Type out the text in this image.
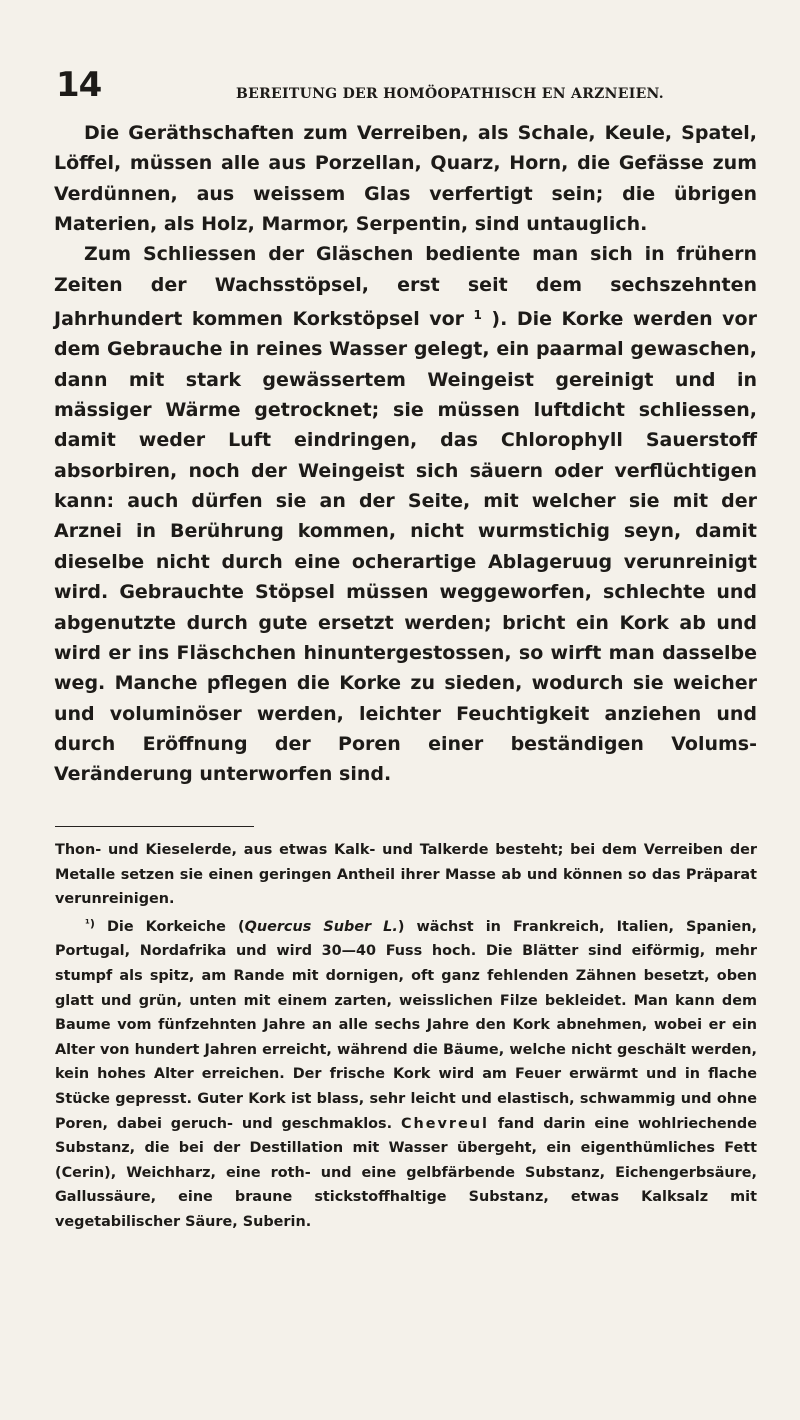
14	BEREITUNG DER HOMÖOPATHISCH EN ARZNEIEN.

Die Geräthschaften zum Verreiben, als Schale, Keule, Spatel, Löffel, müssen alle aus Porzellan, Quarz, Horn, die Gefässe zum Verdünnen, aus weissem Glas verfertigt sein; die übrigen Materien, als Holz, Marmor, Serpentin, sind untauglich.

Zum Schliessen der Gläschen bediente man sich in frühern Zeiten der Wachsstöpsel, erst seit dem sechszehnten Jahrhundert kommen Korkstöpsel vor $^1$ ). Die Korke werden vor dem Gebrauche in reines Wasser gelegt, ein paarmal gewaschen, dann mit stark gewässertem Weingeist gereinigt und in mässiger Wärme getrocknet; sie müssen luftdicht schliessen, damit weder Luft eindringen, das Chlorophyll Sauerstoff absorbiren, noch der Weingeist sich säuern oder verflüchtigen kann: auch dürfen sie an der Seite, mit welcher sie mit der Arznei in Berührung kommen, nicht wurmstichig seyn, damit dieselbe nicht durch eine ocherartige Ablageruug verunreinigt wird. Gebrauchte Stöpsel müssen weggeworfen, schlechte und abgenutzte durch gute ersetzt werden; bricht ein Kork ab und wird er ins Fläschchen hinuntergestossen, so wirft man dasselbe weg. Manche pflegen die Korke zu sieden, wodurch sie weicher und voluminöser werden, leichter Feuchtigkeit anziehen und durch Eröffnung der Poren einer beständigen Volums-Veränderung unterworfen sind.

Thon- und Kieselerde, aus etwas Kalk- und Talkerde besteht; bei dem Verreiben der Metalle setzen sie einen geringen Antheil ihrer Masse ab und können so das Präparat verunreinigen.

$^{^1)}$ Die Korkeiche (Quercus Suber L.) wächst in Frankreich, Italien, Spanien, Portugal, Nordafrika und wird 30—40 Fuss hoch. Die Blätter sind eiförmig, mehr stumpf als spitz, am Rande mit dornigen, oft ganz fehlenden Zähnen besetzt, oben glatt und grün, unten mit einem zarten, weisslichen Filze bekleidet. Man kann dem Baume vom fünfzehnten Jahre an alle sechs Jahre den Kork abnehmen, wobei er ein Alter von hundert Jahren erreicht, während die Bäume, welche nicht geschält werden, kein hohes Alter erreichen. Der frische Kork wird am Feuer erwärmt und in flache Stücke gepresst. Guter Kork ist blass, sehr leicht und elastisch, schwammig und ohne Poren, dabei geruch- und geschmaklos. Chevreul fand darin eine wohlriechende Substanz, die bei der Destillation mit Wasser übergeht, ein eigenthümliches Fett (Cerin), Weichharz, eine roth- und eine gelbfärbende Substanz, Eichengerbsäure, Gallussäure, eine braune stickstoffhaltige Substanz, etwas Kalksalz mit vegetabilischer Säure, Suberin.
